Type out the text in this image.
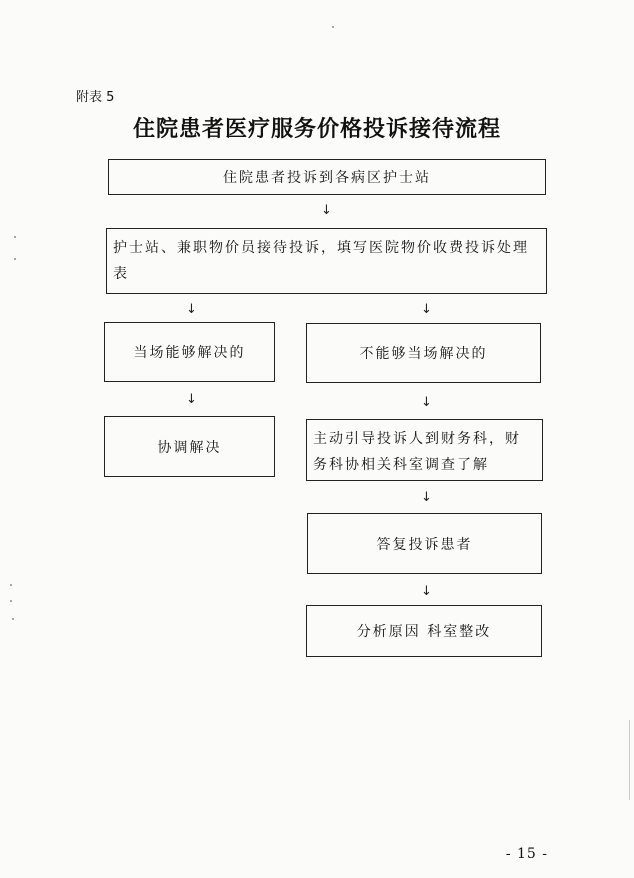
附表 5
住院患者医疗服务价格投诉接待流程
住院患者投诉到各病区护士站
↓
护士站、兼职物价员接待投诉，填写医院物价收费投诉处理表
↓	↓
当场能够解决的	不能够当场解决的
↓	↓
协调解决
主动引导投诉人到财务科，财务科协相关科室调查了解
↓
答复投诉患者
↓
分析原因 科室整改
- 15 -
